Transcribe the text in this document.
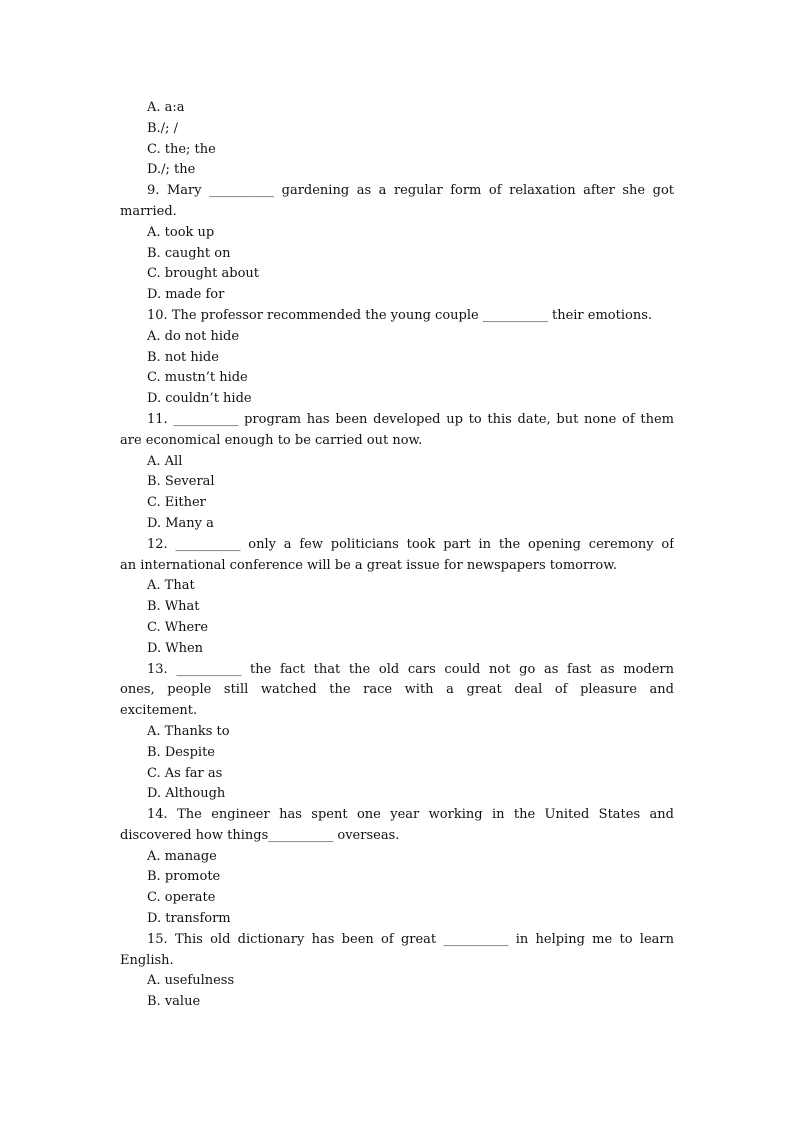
A. a:a
B./; /
C. the; the
D./; the
9. Mary __________ gardening as a regular form of relaxation after she got
married.
A. took up
B. caught on
C. brought about
D. made for
10. The professor recommended the young couple __________ their emotions.
A. do not hide
B. not hide
C. mustn’t hide
D. couldn’t hide
11. __________ program has been developed up to this date, but none of them
are economical enough to be carried out now.
A. All
B. Several
C. Either
D. Many a
12. __________ only a few politicians took part in the opening ceremony of
an international conference will be a great issue for newspapers tomorrow.
A. That
B. What
C. Where
D. When
13. __________ the fact that the old cars could not go as fast as modern
ones, people still watched the race with a great deal of pleasure and
excitement.
A. Thanks to
B. Despite
C. As far as
D. Although
14. The engineer has spent one year working in the United States and
discovered how things__________ overseas.
A. manage
B. promote
C. operate
D. transform
15. This old dictionary has been of great __________ in helping me to learn
English.
A. usefulness
B. value
